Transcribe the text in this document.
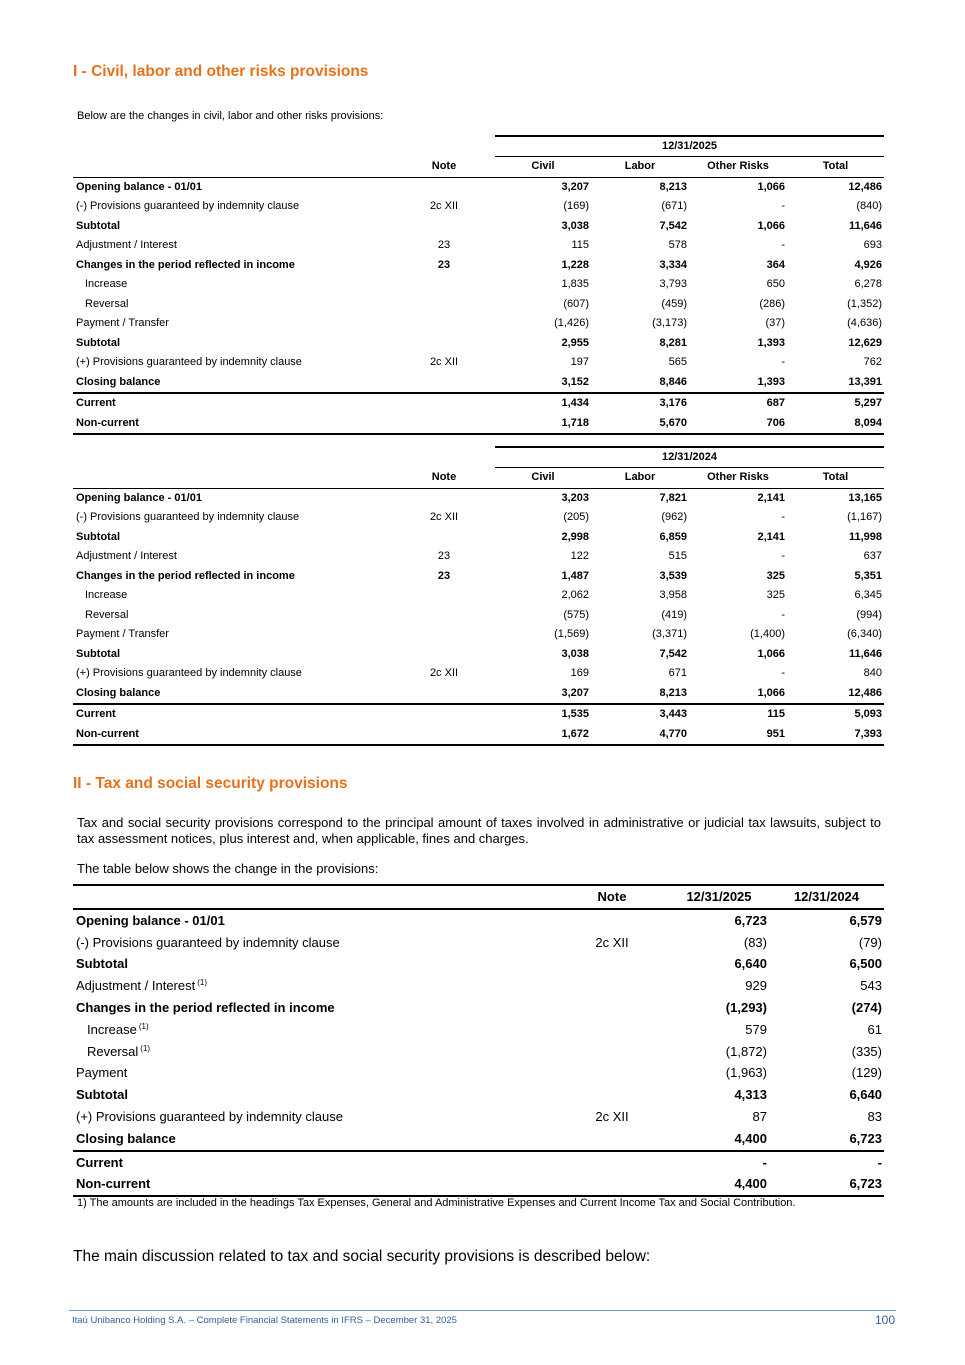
I - Civil, labor and other risks provisions

Below are the changes in civil, labor and other risks provisions:

		12/31/2025			
	Note	Civil	Labor	Other Risks	Total
Opening balance - 01/01		3,207	8,213	1,066	12,486
(-) Provisions guaranteed by indemnity clause	2c XII	(169)	(671)	-	(840)
Subtotal		3,038	7,542	1,066	11,646
Adjustment / Interest	23	115	578	-	693
Changes in the period reflected in income	23	1,228	3,334	364	4,926
Increase		1,835	3,793	650	6,278
Reversal		(607)	(459)	(286)	(1,352)
Payment / Transfer		(1,426)	(3,173)	(37)	(4,636)
Subtotal		2,955	8,281	1,393	12,629
(+) Provisions guaranteed by indemnity clause	2c XII	197	565	-	762
Closing balance		3,152	8,846	1,393	13,391
Current		1,434	3,176	687	5,297
Non-current		1,718	5,670	706	8,094
		12/31/2024			
	Note	Civil	Labor	Other Risks	Total
Opening balance - 01/01		3,203	7,821	2,141	13,165
(-) Provisions guaranteed by indemnity clause	2c XII	(205)	(962)	-	(1,167)
Subtotal		2,998	6,859	2,141	11,998
Adjustment / Interest	23	122	515	-	637
Changes in the period reflected in income	23	1,487	3,539	325	5,351
Increase		2,062	3,958	325	6,345
Reversal		(575)	(419)	-	(994)
Payment / Transfer		(1,569)	(3,371)	(1,400)	(6,340)
Subtotal		3,038	7,542	1,066	11,646
(+) Provisions guaranteed by indemnity clause	2c XII	169	671	-	840
Closing balance		3,207	8,213	1,066	12,486
Current		1,535	3,443	115	5,093
Non-current		1,672	4,770	951	7,393
II - Tax and social security provisions

Tax and social security provisions correspond to the principal amount of taxes involved in administrative or judicial tax lawsuits, subject to tax assessment notices, plus interest and, when applicable, fines and charges.

The table below shows the change in the provisions:

	Note	12/31/2025	12/31/2024
Opening balance - 01/01		6,723	6,579
(-) Provisions guaranteed by indemnity clause	2c XII	(83)	(79)
Subtotal		6,640	6,500
Adjustment / Interest $^{(1)}$		929	543
Changes in the period reflected in income		(1,293)	(274)
Increase $^{(1)}$		579	61
Reversal $^{(1)}$		(1,872)	(335)
Payment		(1,963)	(129)
Subtotal		4,313	6,640
(+) Provisions guaranteed by indemnity clause	2c XII	87	83
Closing balance		4,400	6,723
Current		-	-
Non-current		4,400	6,723

1) The amounts are included in the headings Tax Expenses, General and Administrative Expenses and Current Income Tax and Social Contribution.

The main discussion related to tax and social security provisions is described below:

Itaú Unibanco Holding S.A. – Complete Financial Statements in IFRS – December 31, 2025	100
